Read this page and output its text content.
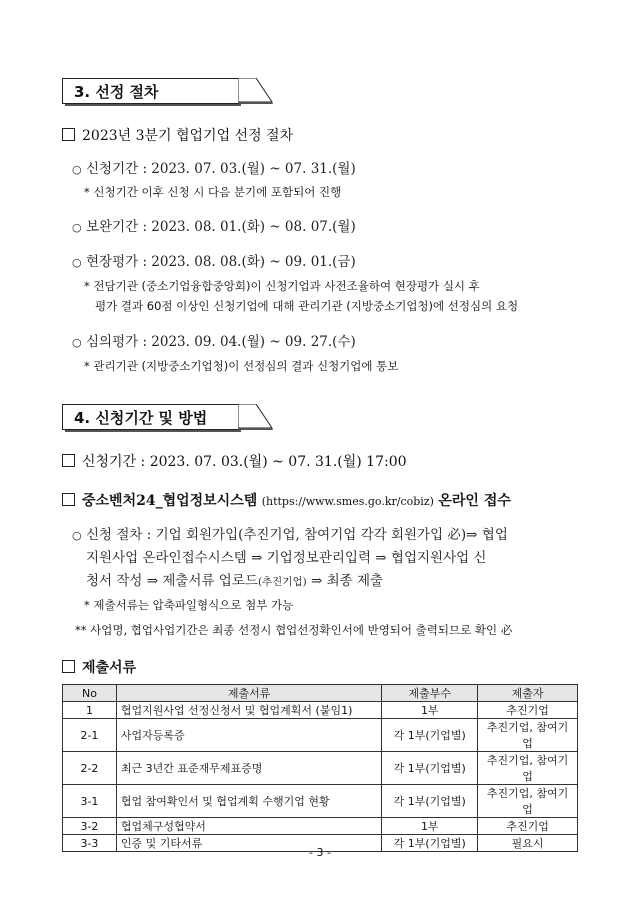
3. 선정 절차
2023년 3분기 협업기업 선정 절차
○ 신청기간 : 2023. 07. 03.(월) ~ 07. 31.(월)
* 신청기간 이후 신청 시 다음 분기에 포함되어 진행
○ 보완기간 : 2023. 08. 01.(화) ~ 08. 07.(월)
○ 현장평가 : 2023. 08. 08.(화) ~ 09. 01.(금)
* 전담기관 (중소기업융합중앙회)이 신청기업과 사전조율하여 현장평가 실시 후
평가 결과 60점 이상인 신청기업에 대해 관리기관 (지방중소기업청)에 선정심의 요청
○ 심의평가 : 2023. 09. 04.(월) ~ 09. 27.(수)
* 관리기관 (지방중소기업청)이 선정심의 결과 신청기업에 통보
4. 신청기간 및 방법
신청기간 : 2023. 07. 03.(월) ~ 07. 31.(월) 17:00
중소벤처24_협업정보시스템 (https://www.smes.go.kr/cobiz) 온라인 접수
○ 신청 절차 : 기업 회원가입(추진기업, 참여기업 각각 회원가입 必)⇒ 협업
지원사업 온라인접수시스템 ⇒ 기업정보관리입력 ⇒ 협업지원사업 신
청서 작성 ⇒ 제출서류 업로드(추진기업) ⇒ 최종 제출
* 제출서류는 압축파일형식으로 첨부 가능
** 사업명, 협업사업기간은 최종 선정시 협업선정확인서에 반영되어 출력되므로 확인 必
제출서류
No	제출서류	제출부수	제출자
1	협업지원사업 선정신청서 및 협업계획서 (붙임1)	1부	추진기업
2-1	사업자등록증	각 1부(기업별)	추진기업, 참여기업
2-2	최근 3년간 표준재무제표증명	각 1부(기업별)	추진기업, 참여기업
3-1	협업 참여확인서 및 협업계획 수행기업 현황	각 1부(기업별)	추진기업, 참여기업
3-2	협업체구성협약서	1부	추진기업
3-3	인증 및 기타서류	각 1부(기업별)	필요시
- 3 -
